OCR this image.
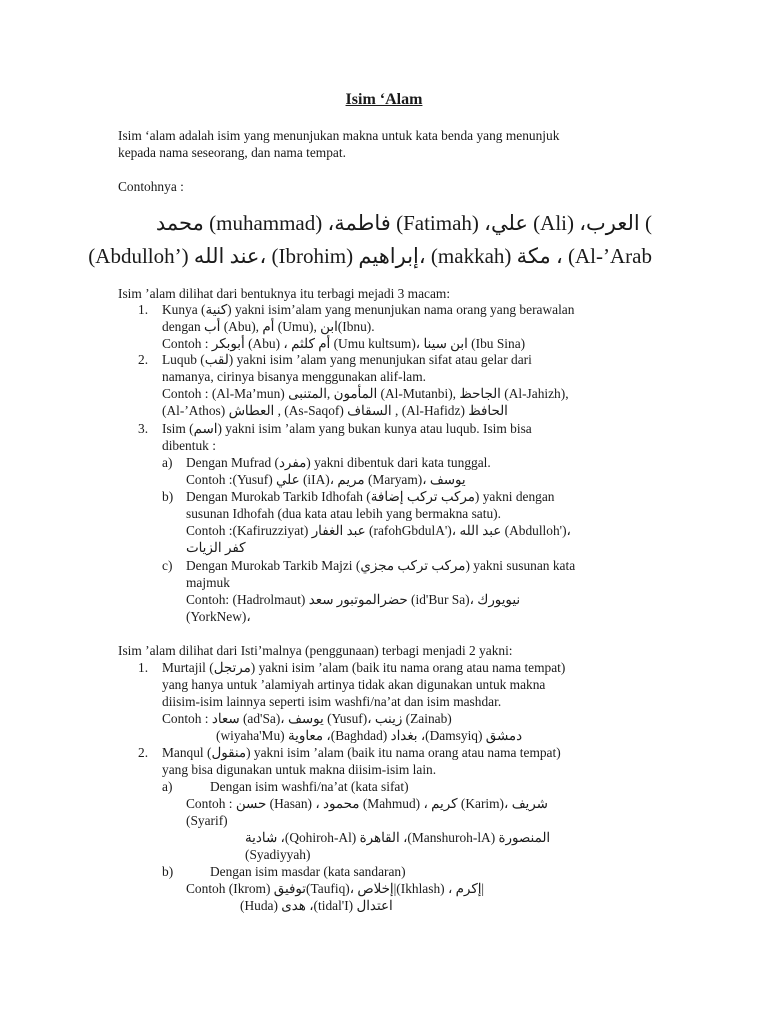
Isim ‘Alam
Isim ‘alam adalah isim yang menunjukan makna untuk kata benda yang menunjuk
kepada nama seseorang, dan nama tempat.
Contohnya :
) العرب، (Ali) علي، (Fatimah) فاطمة، (muhammad) محمد
(Abdulloh’) عند الله، (Ibrohim) إبراهيم، (makkah) مكة ، (Al-’Arab
Isim ’alam dilihat dari bentuknya itu terbagi mejadi 3 macam:
1. Kunya (كنية) yakni isim’alam yang menunjukan nama orang yang berawalan
dengan أب (Abu), أم (Umu), ابن(Ibnu).
Contoh : أبوبكر (Abu) ، أم كلثم (Umu kultsum)، ابن سينا (Ibu Sina)
2. Luqub (لقب) yakni isim ’alam yang menunjukan sifat atau gelar dari
namanya, cirinya bisanya menggunakan alif-lam.
Contoh : (Al-Ma’mun) المأمون ,المتنبى (Al-Mutanbi), الجاحظ (Al-Jahizh),
الحافظ (Al-Hafidz) , السقاف (As-Saqof) , العطاش (Al-’Athos)
3. Isim (اسم) yakni isim ’alam yang bukan kunya atau luqub. Isim bisa
dibentuk :
a) Dengan Mufrad (مفرد) yakni dibentuk dari kata tunggal.
Contoh :(Yusuf) علي (iIA)، مريم (Maryam)، يوسف
b) Dengan Murokab Tarkib Idhofah (مركب تركب إضافة) yakni dengan
susunan Idhofah (dua kata atau lebih yang bermakna satu).
Contoh :(Kafiruzziyat) عبد الغفار (rafohGbdulA')، عبد الله (Abdulloh')،
كفر الزيات
c) Dengan Murokab Tarkib Majzi (مركب تركب مجزي) yakni susunan kata
majmuk
Contoh: (Hadrolmaut) حضرالموتبور سعد (id'Bur Sa)، نيويورك
(YorkNew)،
Isim ’alam dilihat dari Isti’malnya (penggunaan) terbagi menjadi 2 yakni:
1. Murtajil (مرتجل) yakni isim ’alam (baik itu nama orang atau nama tempat)
yang hanya untuk ’alamiyah artinya tidak akan digunakan untuk makna
diisim-isim lainnya seperti isim washfi/na’at dan isim mashdar.
Contoh : سعاد (ad'Sa)، يوسف (Yusuf)، زينب (Zainab)
دمشق (Damsyiq)، بغداد (Baghdad)، معاوية (wiyaha'Mu)
2. Manqul (منقول) yakni isim ’alam (baik itu nama orang atau nama tempat)
yang bisa digunakan untuk makna diisim-isim lain.
a)	Dengan isim washfi/na’at (kata sifat)
Contoh : حسن (Hasan) ، محمود (Mahmud) ، كريم (Karim)، شريف
(Syarif)
المنصورة (Manshuroh-lA)، القاهرة (Qohiroh-Al)، شادية
(Syadiyyah)
b)	Dengan isim masdar (kata sandaran)
Contoh (Ikrom) توفيق(Taufiq)، إخلاص|(Ikhlash) ، إكرم|
اعتدال (tidal'I)، هدى (Huda)
